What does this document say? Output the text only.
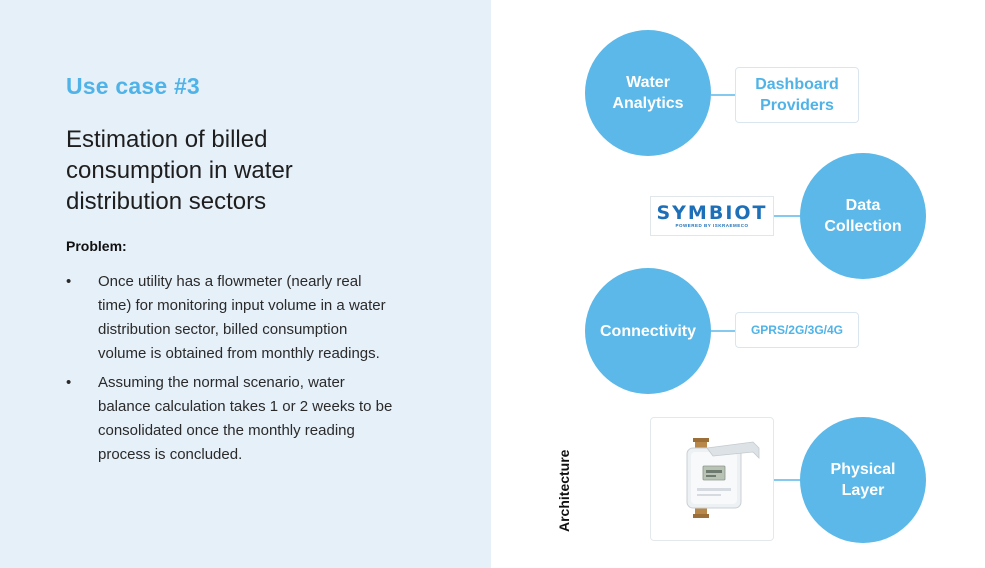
Use case #3
Estimation of billed consumption in water distribution sectors
Problem:
• Once utility has a flowmeter (nearly real time) for monitoring input volume in a water distribution sector, billed consumption volume is obtained from monthly readings.
• Assuming the normal scenario, water balance calculation takes 1 or 2 weeks to be consolidated once the monthly reading process is concluded.
Water Analytics
Dashboard Providers
SYMBIOT
POWERED BY ISKRAEMECO
Data Collection
Connectivity	GPRS/2G/3G/4G
Physical Layer
Architecture
